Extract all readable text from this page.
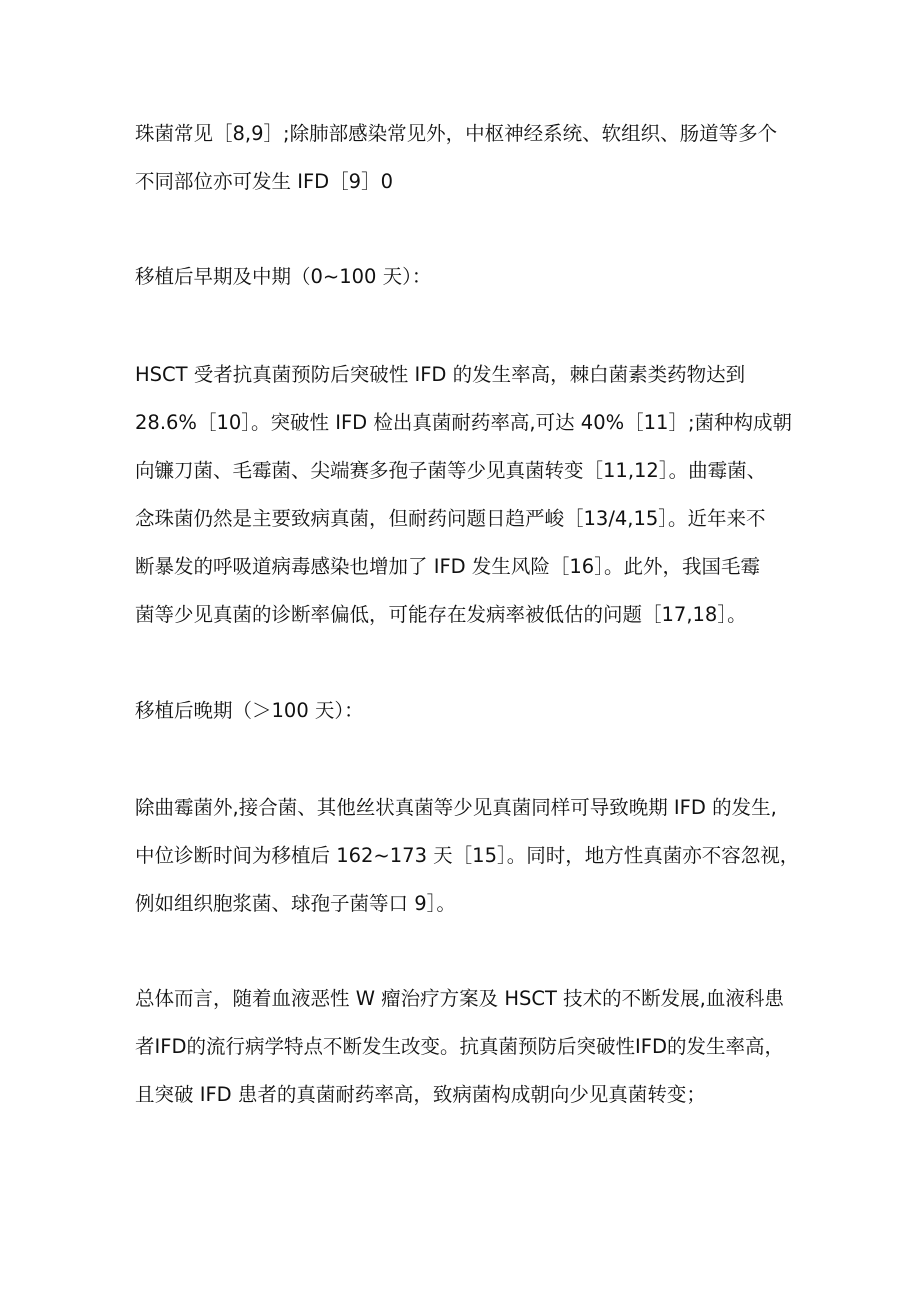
珠菌常见［8,9］;除肺部感染常见外，中枢神经系统、软组织、肠道等多个
不同部位亦可发生 IFD［9］0
移植后早期及中期（0~100 天）：
HSCT 受者抗真菌预防后突破性 IFD 的发生率高，棘白菌素类药物达到
28.6%［10］。突破性 IFD 检出真菌耐药率高,可达 40%［11］;菌种构成朝
向镰刀菌、毛霉菌、尖端赛多孢子菌等少见真菌转变［11,12］。曲霉菌、
念珠菌仍然是主要致病真菌，但耐药问题日趋严峻［13/4,15］。近年来不
断暴发的呼吸道病毒感染也增加了 IFD 发生风险［16］。此外，我国毛霉
菌等少见真菌的诊断率偏低，可能存在发病率被低估的问题［17,18］。
移植后晚期（＞100 天）：
除曲霉菌外,接合菌、其他丝状真菌等少见真菌同样可导致晚期 IFD 的发生,
中位诊断时间为移植后 162~173 天［15］。同时，地方性真菌亦不容忽视，
例如组织胞浆菌、球孢子菌等口 9］。
总体而言，随着血液恶性 W 瘤治疗方案及 HSCT 技术的不断发展,血液科患
者IFD的流行病学特点不断发生改变。抗真菌预防后突破性IFD的发生率高，
且突破 IFD 患者的真菌耐药率高，致病菌构成朝向少见真菌转变；
